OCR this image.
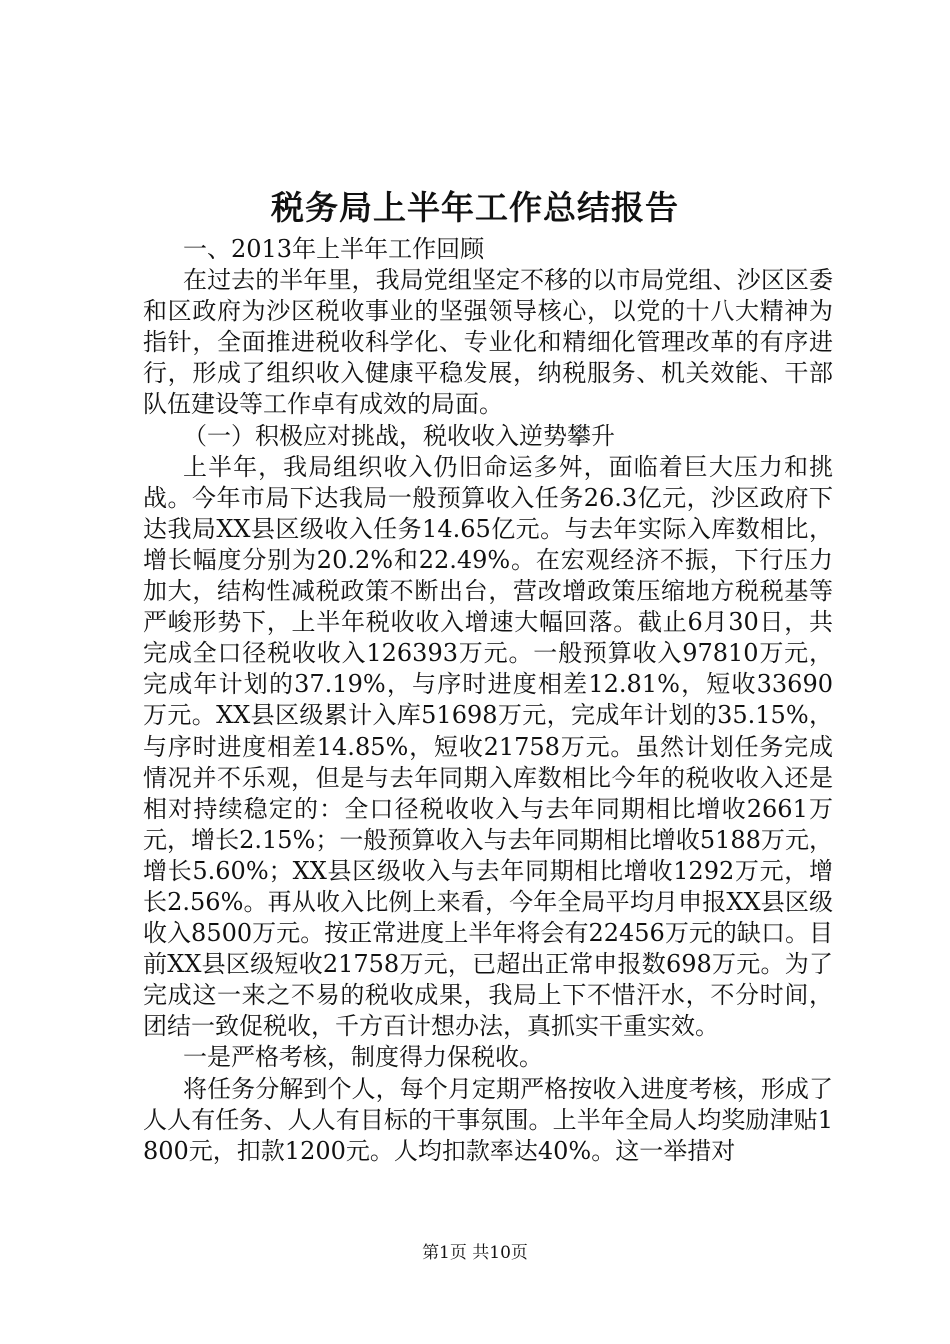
税务局上半年工作总结报告

一、2013年上半年工作回顾

在过去的半年里，我局党组坚定不移的以市局党组、沙区区委和区政府为沙区税收事业的坚强领导核心，以党的十八大精神为指针，全面推进税收科学化、专业化和精细化管理改革的有序进行，形成了组织收入健康平稳发展，纳税服务、机关效能、干部队伍建设等工作卓有成效的局面。

（一）积极应对挑战，税收收入逆势攀升

上半年，我局组织收入仍旧命运多舛，面临着巨大压力和挑战。今年市局下达我局一般预算收入任务26.3亿元，沙区政府下达我局XX县区级收入任务14.65亿元。与去年实际入库数相比，增长幅度分别为20.2%和22.49%。在宏观经济不振，下行压力加大，结构性减税政策不断出台，营改增政策压缩地方税税基等严峻形势下，上半年税收收入增速大幅回落。截止6月30日，共完成全口径税收收入126393万元。一般预算收入97810万元，完成年计划的37.19%，与序时进度相差12.81%，短收33690万元。XX县区级累计入库51698万元，完成年计划的35.15%，与序时进度相差14.85%，短收21758万元。虽然计划任务完成情况并不乐观，但是与去年同期入库数相比今年的税收收入还是相对持续稳定的：全口径税收收入与去年同期相比增收2661万元，增长2.15%；一般预算收入与去年同期相比增收5188万元，增长5.60%；XX县区级收入与去年同期相比增收1292万元，增长2.56%。再从收入比例上来看，今年全局平均月申报XX县区级收入8500万元。按正常进度上半年将会有22456万元的缺口。目前XX县区级短收21758万元，已超出正常申报数698万元。为了完成这一来之不易的税收成果，我局上下不惜汗水，不分时间，团结一致促税收，千方百计想办法，真抓实干重实效。

一是严格考核，制度得力保税收。

将任务分解到个人，每个月定期严格按收入进度考核，形成了人人有任务、人人有目标的干事氛围。上半年全局人均奖励津贴1800元，扣款1200元。人均扣款率达40%。这一举措对

第1页 共10页
